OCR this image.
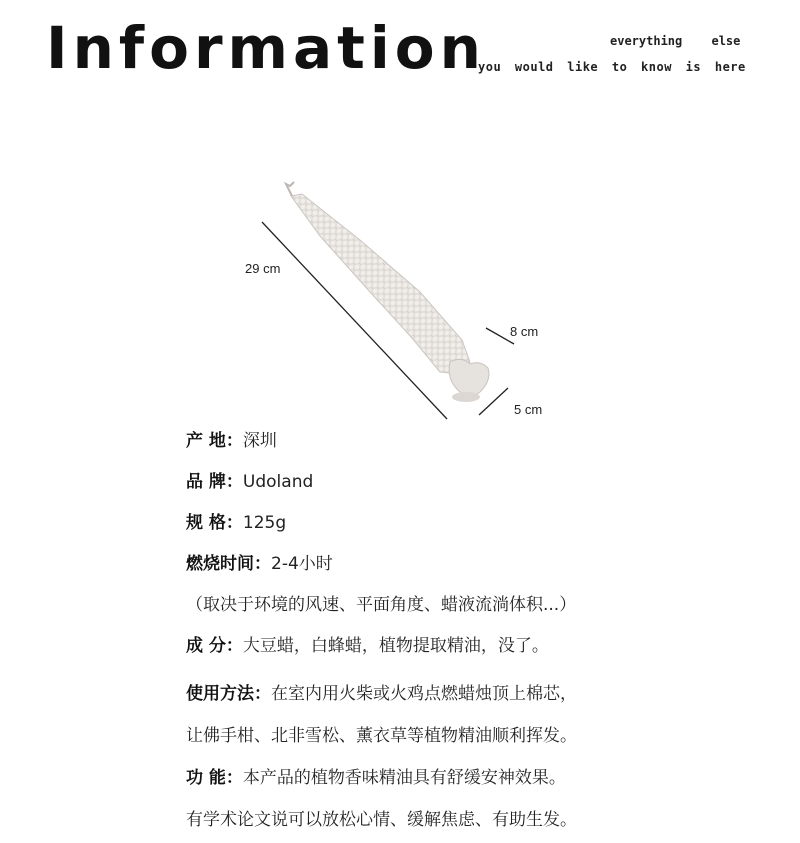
Information	everything else
you would like to know is here
29 cm
8 cm
5 cm
产 地：深圳
品 牌：Udoland
规 格：125g
燃烧时间：2-4小时
（取决于环境的风速、平面角度、蜡液流淌体积...）
成 分：大豆蜡，白蜂蜡，植物提取精油，没了。
使用方法：在室内用火柴或火鸡点燃蜡烛顶上棉芯，
让佛手柑、北非雪松、薰衣草等植物精油顺利挥发。
功 能：本产品的植物香味精油具有舒缓安神效果。
有学术论文说可以放松心情、缓解焦虑、有助生发。
